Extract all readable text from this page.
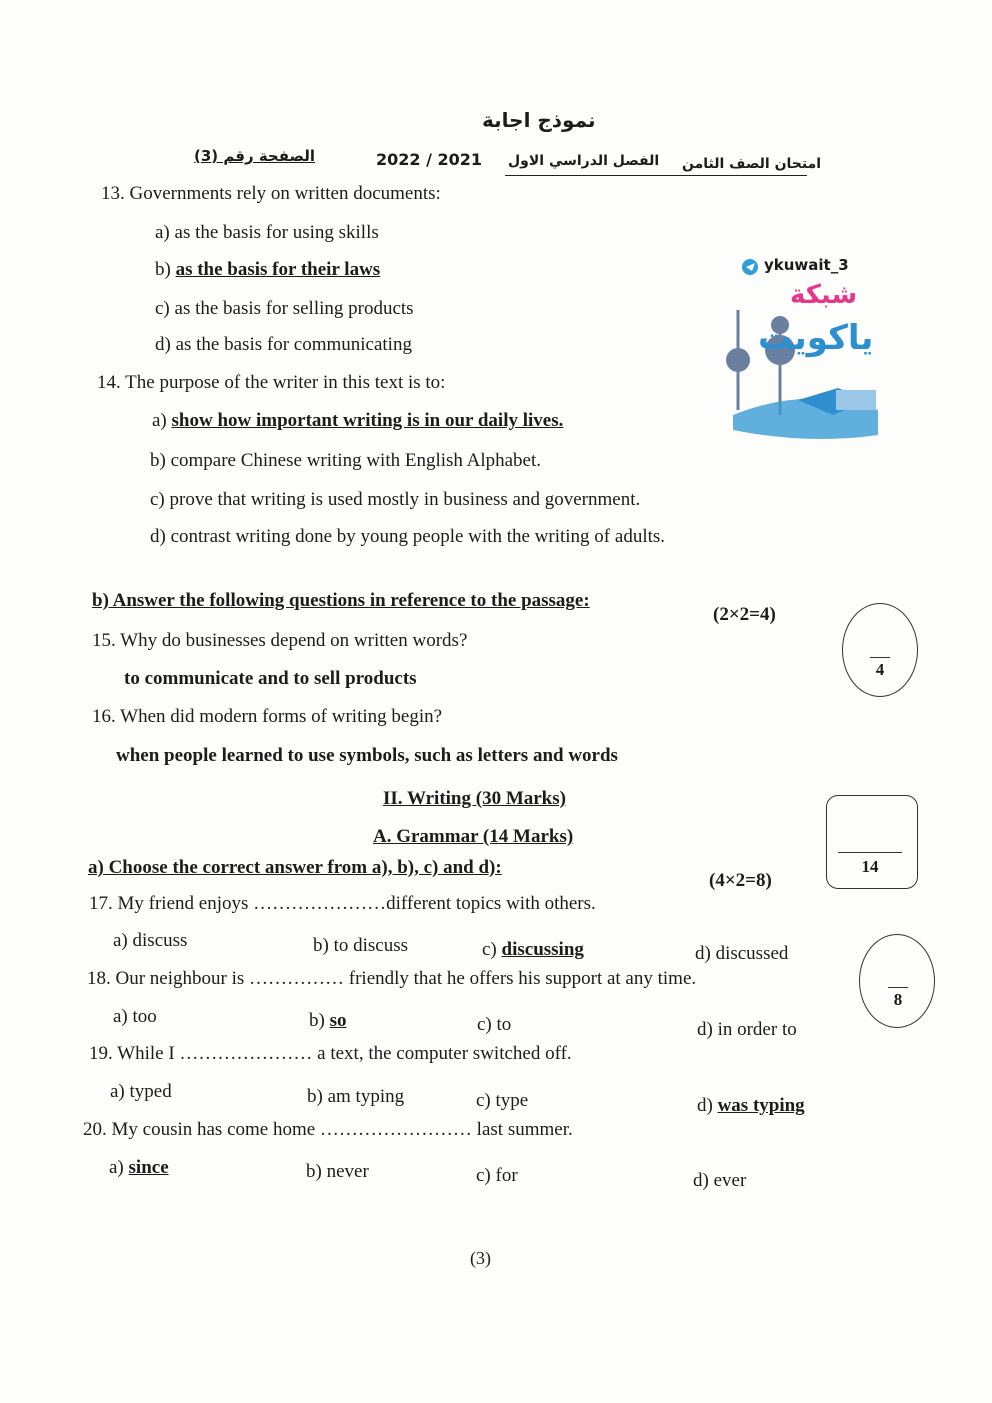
نموذج اجابة
الصفحة رقم (3)	2022 / 2021 الفصل الدراسي الاول امتحان الصف الثامن
ykuwait_3
شبكة
ياكويت
13. Governments rely on written documents:
a) as the basis for using skills
b) as the basis for their laws
c) as the basis for selling products
d) as the basis for communicating
14. The purpose of the writer in this text is to:
a) show how important writing is in our daily lives.
b) compare Chinese writing with English Alphabet.
c) prove that writing is used mostly in business and government.
d) contrast writing done by young people with the writing of adults.
b) Answer the following questions in reference to the passage:
(2×2=4)
4
15. Why do businesses depend on written words?
to communicate and to sell products
16. When did modern forms of writing begin?
when people learned to use symbols, such as letters and words
II. Writing (30 Marks)
A. Grammar (14 Marks)
14
a) Choose the correct answer from a), b), c) and d):
(4×2=8)
8
17. My friend enjoys …………………different topics with others.
a) discuss	b) to discuss	c) discussing	d) discussed
18. Our neighbour is …………… friendly that he offers his support at any time.
a) too	b) so	c) to	d) in order to
19. While I ………………… a text, the computer switched off.
a) typed	b) am typing	c) type	d) was typing
20. My cousin has come home …………………… last summer.
a) since	b) never	c) for	d) ever
(3)
